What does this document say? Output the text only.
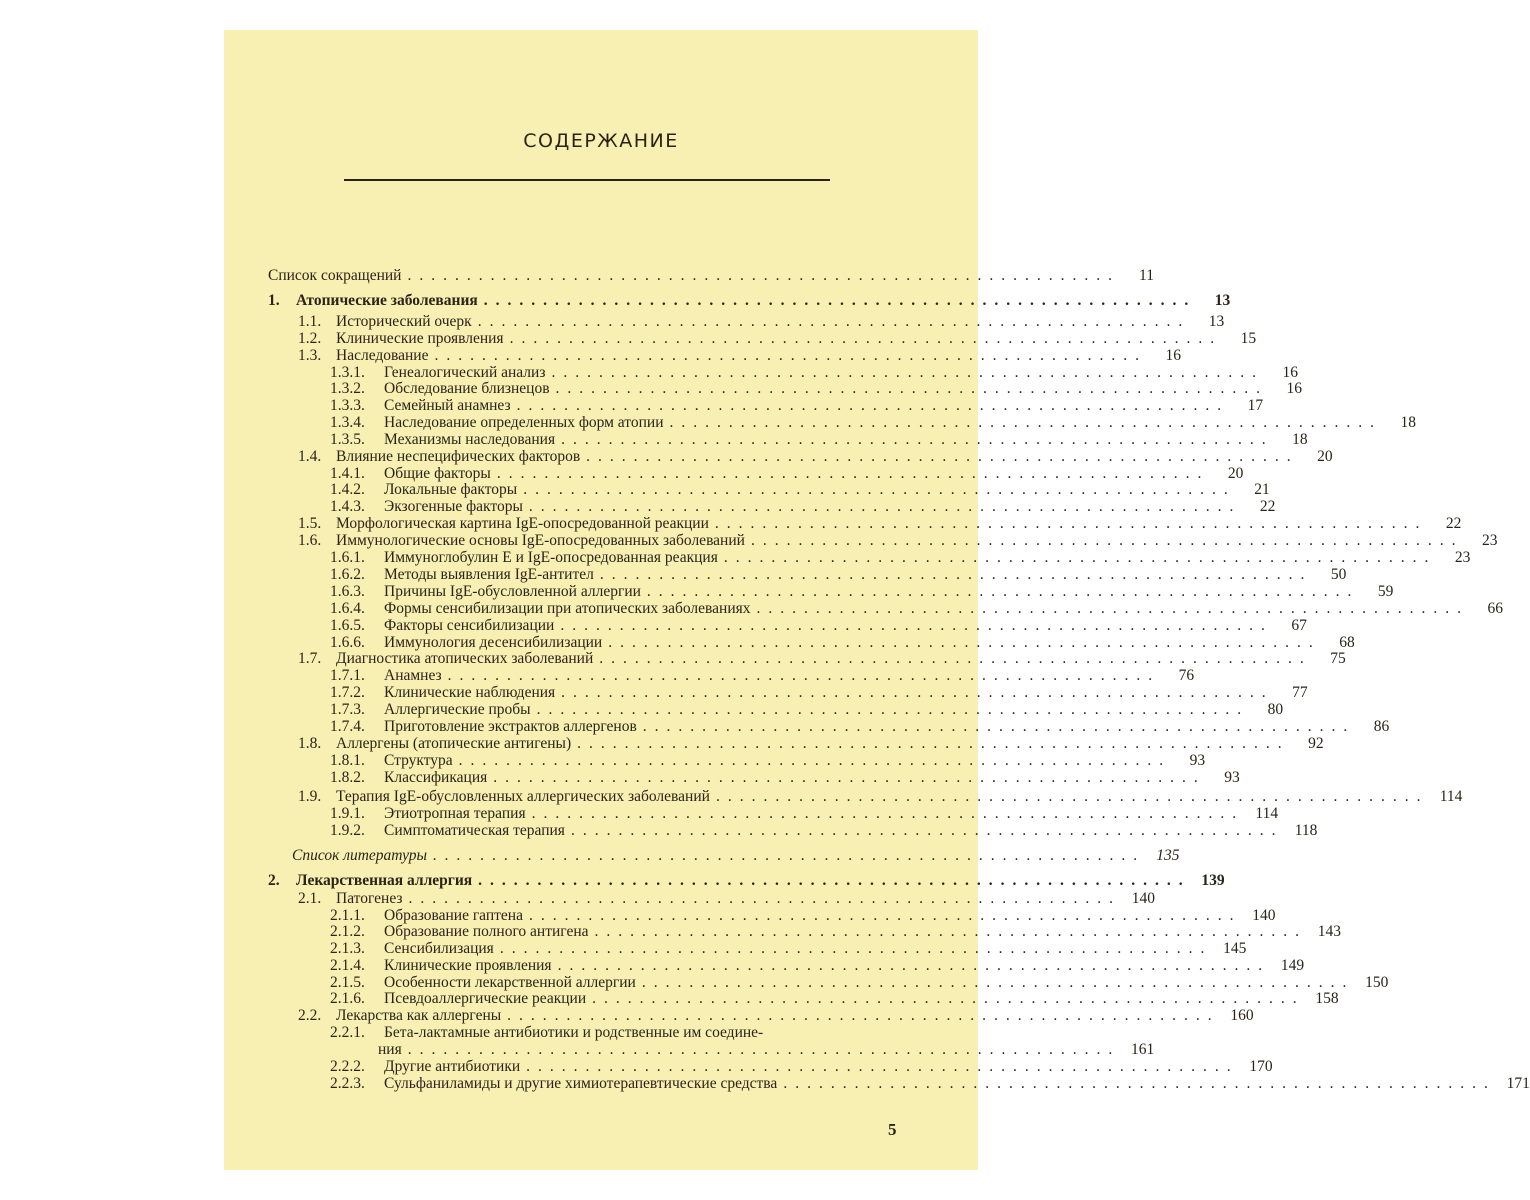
СОДЕРЖАНИЕ
Список сокращений ............................................................	11
1.	Атопические заболевания ............................................................	13
1.1. Исторический очерк ............................................................	13
1.2. Клинические проявления ............................................................	15
1.3. Наследование ............................................................	16
1.3.1.	Генеалогический анализ ............................................................	16
1.3.2.	Обследование близнецов ............................................................	16
1.3.3.	Семейный анамнез ............................................................	17
1.3.4.	Наследование определенных форм атопии ............................................................	18
1.3.5.	Механизмы наследования ............................................................	18
1.4. Влияние неспецифических факторов ............................................................	20
1.4.1.	Общие факторы ............................................................	20
1.4.2.	Локальные факторы ............................................................	21
1.4.3.	Экзогенные факторы ............................................................	22
1.5. Морфологическая картина IgE-опосредованной реакции ............................................................	22
1.6. Иммунологические основы IgE-опосредованных заболеваний ............................................................	23
1.6.1.	Иммуноглобулин E и IgE-опосредованная реакция ............................................................	23
1.6.2.	Методы выявления IgE-антител ............................................................	50
1.6.3.	Причины IgE-обусловленной аллергии ............................................................	59
1.6.4.	Формы сенсибилизации при атопических заболеваниях ............................................................	66
1.6.5.	Факторы сенсибилизации ............................................................	67
1.6.6.	Иммунология десенсибилизации ............................................................	68
1.7. Диагностика атопических заболеваний ............................................................	75
1.7.1.	Анамнез ............................................................	76
1.7.2.	Клинические наблюдения ............................................................	77
1.7.3.	Аллергические пробы ............................................................	80
1.7.4.	Приготовление экстрактов аллергенов ............................................................	86
1.8. Аллергены (атопические антигены) ............................................................	92
1.8.1.	Структура ............................................................	93
1.8.2.	Классификация ............................................................	93
1.9. Терапия IgE-обусловленных аллергических заболеваний ............................................................ 114
1.9.1.	Этиотропная терапия ............................................................ 114
1.9.2.	Симптоматическая терапия ............................................................ 118
Список литературы ............................................................ 135
2.	Лекарственная аллергия ............................................................ 139
2.1. Патогенез ............................................................ 140
2.1.1.	Образование гаптена ............................................................ 140
2.1.2.	Образование полного антигена ............................................................ 143
2.1.3.	Сенсибилизация ............................................................ 145
2.1.4.	Клинические проявления ............................................................ 149
2.1.5.	Особенности лекарственной аллергии ............................................................ 150
2.1.6.	Псевдоаллергические реакции ............................................................ 158
2.2. Лекарства как аллергены ............................................................ 160
2.2.1.	Бета-лактамные антибиотики и родственные им соедине-
ния ............................................................ 161
2.2.2.	Другие антибиотики ............................................................ 170
2.2.3.	Сульфаниламиды и другие химиотерапевтические средства ............................................................ 171
5
